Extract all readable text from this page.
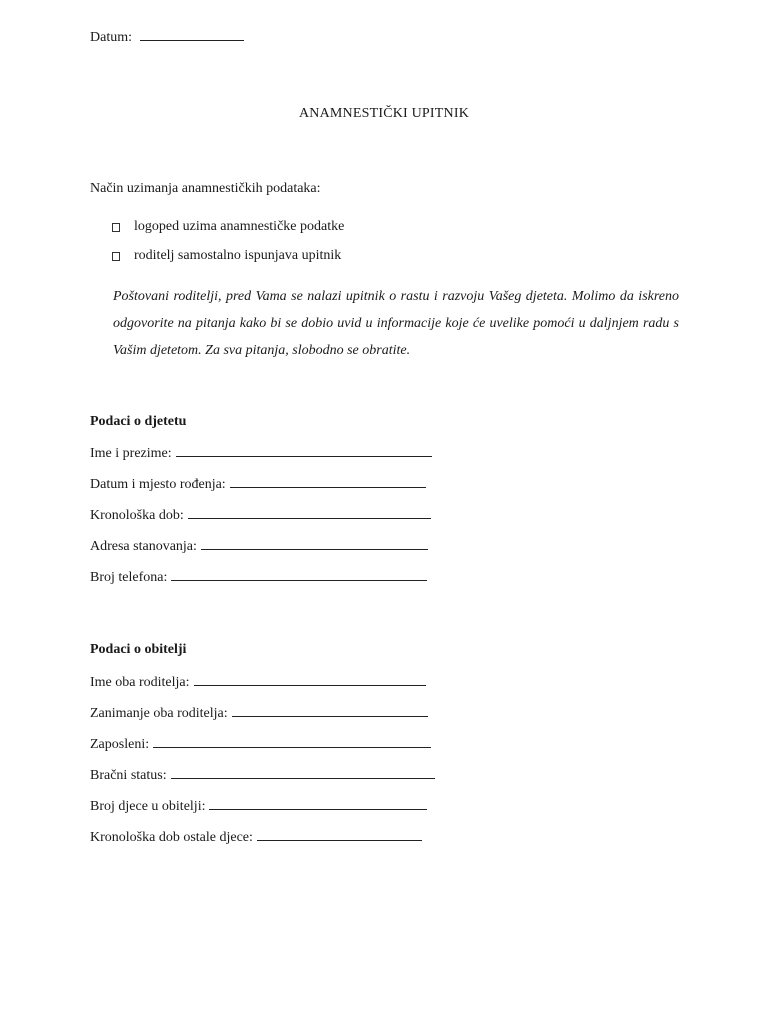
Datum:
ANAMNESTIČKI UPITNIK
Način uzimanja anamnestičkih podataka:
logoped uzima anamnestičke podatke
roditelj samostalno ispunjava upitnik
Poštovani roditelji, pred Vama se nalazi upitnik o rastu i razvoju Vašeg djeteta. Molimo da iskreno odgovorite na pitanja kako bi se dobio uvid u informacije koje će uvelike pomoći u daljnjem radu s Vašim djetetom. Za sva pitanja, slobodno se obratite.
Podaci o djetetu
Ime i prezime:
Datum i mjesto rođenja:
Kronološka dob:
Adresa stanovanja:
Broj telefona:
Podaci o obitelji
Ime oba roditelja:
Zanimanje oba roditelja:
Zaposleni:
Bračni status:
Broj djece u obitelji:
Kronološka dob ostale djece:
